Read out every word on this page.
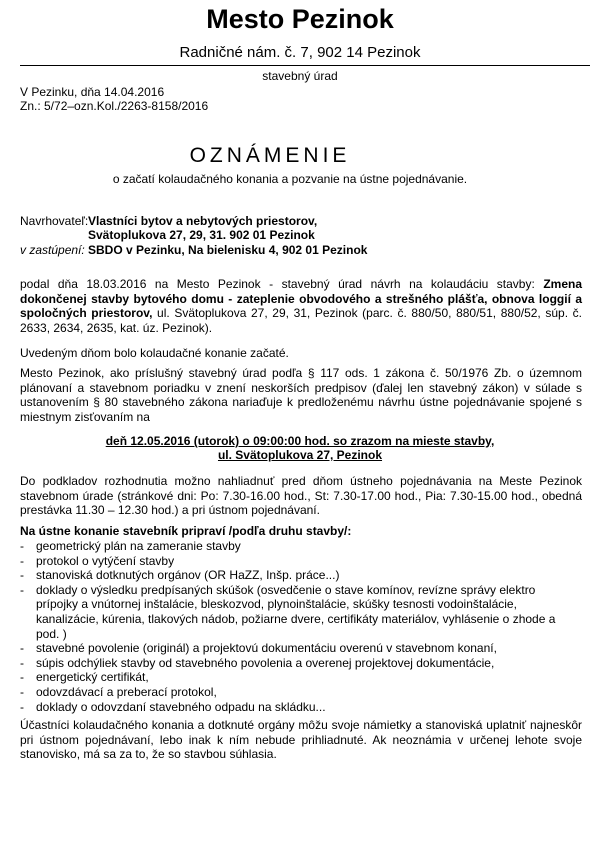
Mesto Pezinok
Radničné nám. č. 7, 902 14 Pezinok
stavebný úrad
V Pezinku, dňa 14.04.2016
Zn.: 5/72–ozn.Kol./2263-8158/2016
OZNÁMENIE
o začatí kolaudačného konania a pozvanie na ústne pojednávanie.
Navrhovateľ:Vlastníci bytov a nebytových priestorov,
Svätoplukova 27, 29, 31. 902 01 Pezinok
v zastúpení: SBDO v Pezinku, Na bielenisku 4, 902 01 Pezinok
podal dňa 18.03.2016 na Mesto Pezinok - stavebný úrad návrh na kolaudáciu stavby: Zmena dokončenej stavby bytového domu - zateplenie obvodového a strešného plášťa, obnova loggií a spoločných priestorov, ul. Svätoplukova 27, 29, 31, Pezinok (parc. č. 880/50, 880/51, 880/52, súp. č. 2633, 2634, 2635, kat. úz. Pezinok).
Uvedeným dňom bolo kolaudačné konanie začaté.
Mesto Pezinok, ako príslušný stavebný úrad podľa § 117 ods. 1 zákona č. 50/1976 Zb. o územnom plánovaní a stavebnom poriadku v znení neskorších predpisov (ďalej len stavebný zákon) v súlade s ustanovením § 80 stavebného zákona nariaďuje k predloženému návrhu ústne pojednávanie spojené s miestnym zisťovaním na
deň 12.05.2016 (utorok) o 09:00:00 hod. so zrazom na mieste stavby,
ul. Svätoplukova 27, Pezinok
Do podkladov rozhodnutia možno nahliadnuť pred dňom ústneho pojednávania na Meste Pezinok stavebnom úrade (stránkové dni: Po: 7.30-16.00 hod., St: 7.30-17.00 hod., Pia: 7.30-15.00 hod., obedná prestávka 11.30 – 12.30 hod.) a pri ústnom pojednávaní.
Na ústne konanie stavebník pripraví /podľa druhu stavby/:
- geometrický plán na zameranie stavby
- protokol o vytýčení stavby
- stanoviská dotknutých orgánov (OR HaZZ, Inšp. práce...)
- doklady o výsledku predpísaných skúšok (osvedčenie o stave komínov, revízne správy elektro prípojky a vnútornej inštalácie, bleskozvod, plynoinštalácie, skúšky tesnosti vodoinštalácie, kanalizácie, kúrenia, tlakových nádob, požiarne dvere, certifikáty materiálov, vyhlásenie o zhode a pod. )
- stavebné povolenie (originál) a projektovú dokumentáciu overenú v stavebnom konaní,
- súpis odchýliek stavby od stavebného povolenia a overenej projektovej dokumentácie,
- energetický certifikát,
- odovzdávací a preberací protokol,
- doklady o odovzdaní stavebného odpadu na skládku...
Účastníci kolaudačného konania a dotknuté orgány môžu svoje námietky a stanoviská uplatniť najneskôr pri ústnom pojednávaní, lebo inak k ním nebude prihliadnuté. Ak neoznámia v určenej lehote svoje stanovisko, má sa za to, že so stavbou súhlasia.
